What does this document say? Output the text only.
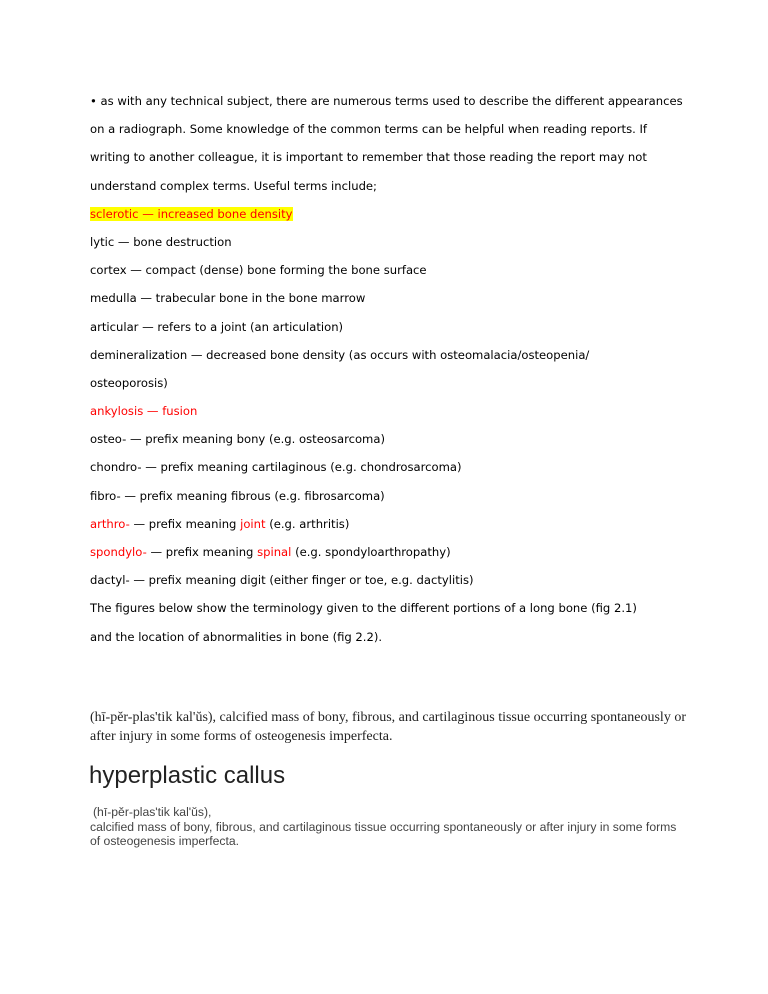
• as with any technical subject, there are numerous terms used to describe the different appearances
on a radiograph. Some knowledge of the common terms can be helpful when reading reports. If
writing to another colleague, it is important to remember that those reading the report may not
understand complex terms. Useful terms include;
sclerotic — increased bone density
lytic — bone destruction
cortex — compact (dense) bone forming the bone surface
medulla — trabecular bone in the bone marrow
articular — refers to a joint (an articulation)
demineralization — decreased bone density (as occurs with osteomalacia/osteopenia/
osteoporosis)
ankylosis — fusion
osteo- — prefix meaning bony (e.g. osteosarcoma)
chondro- — prefix meaning cartilaginous (e.g. chondrosarcoma)
fibro- — prefix meaning fibrous (e.g. fibrosarcoma)
arthro- — prefix meaning joint (e.g. arthritis)
spondylo- — prefix meaning spinal (e.g. spondyloarthropathy)
dactyl- — prefix meaning digit (either finger or toe, e.g. dactylitis)
The figures below show the terminology given to the different portions of a long bone (fig 2.1)
and the location of abnormalities in bone (fig 2.2).
(hī-pĕr-plas'tik kal'ŭs), calcified mass of bony, fibrous, and cartilaginous tissue occurring spontaneously or after injury in some forms of osteogenesis imperfecta.
hyperplastic callus
(hī-pĕr-plas'tik kal'ŭs),
calcified mass of bony, fibrous, and cartilaginous tissue occurring spontaneously or after injury in some forms of osteogenesis imperfecta.
